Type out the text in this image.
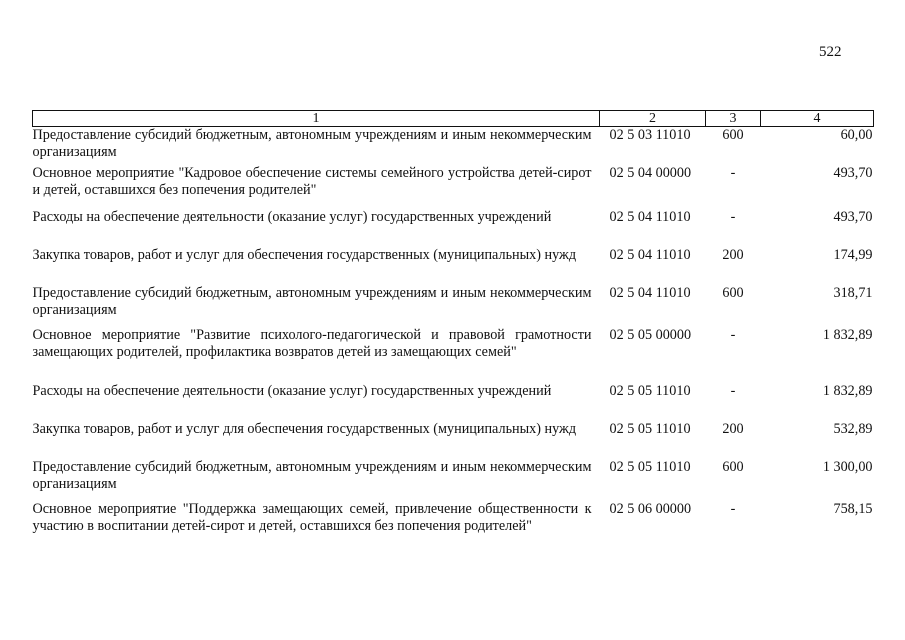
522
1	2	3	4
Предоставление субсидий бюджетным, автономным учреждениям и иным некоммерческим организациям	02 5 03 11010	600	60,00
Основное мероприятие "Кадровое обеспечение системы семейного устройства детей-сирот и детей, оставшихся без попечения родителей"	02 5 04 00000	-	493,70
Расходы на обеспечение деятельности (оказание услуг) государственных учреждений	02 5 04 11010	-	493,70
Закупка товаров, работ и услуг для обеспечения государственных (муниципальных) нужд	02 5 04 11010	200	174,99
Предоставление субсидий бюджетным, автономным учреждениям и иным некоммерческим организациям	02 5 04 11010	600	318,71
Основное мероприятие "Развитие психолого-педагогической и правовой грамотности замещающих родителей, профилактика возвратов детей из замещающих семей"	02 5 05 00000	-	1 832,89
Расходы на обеспечение деятельности (оказание услуг) государственных учреждений	02 5 05 11010	-	1 832,89
Закупка товаров, работ и услуг для обеспечения государственных (муниципальных) нужд	02 5 05 11010	200	532,89
Предоставление субсидий бюджетным, автономным учреждениям и иным некоммерческим организациям	02 5 05 11010	600	1 300,00
Основное мероприятие "Поддержка замещающих семей, привлечение общественности к участию в воспитании детей-сирот и детей, оставшихся без попечения родителей"	02 5 06 00000	-	758,15
